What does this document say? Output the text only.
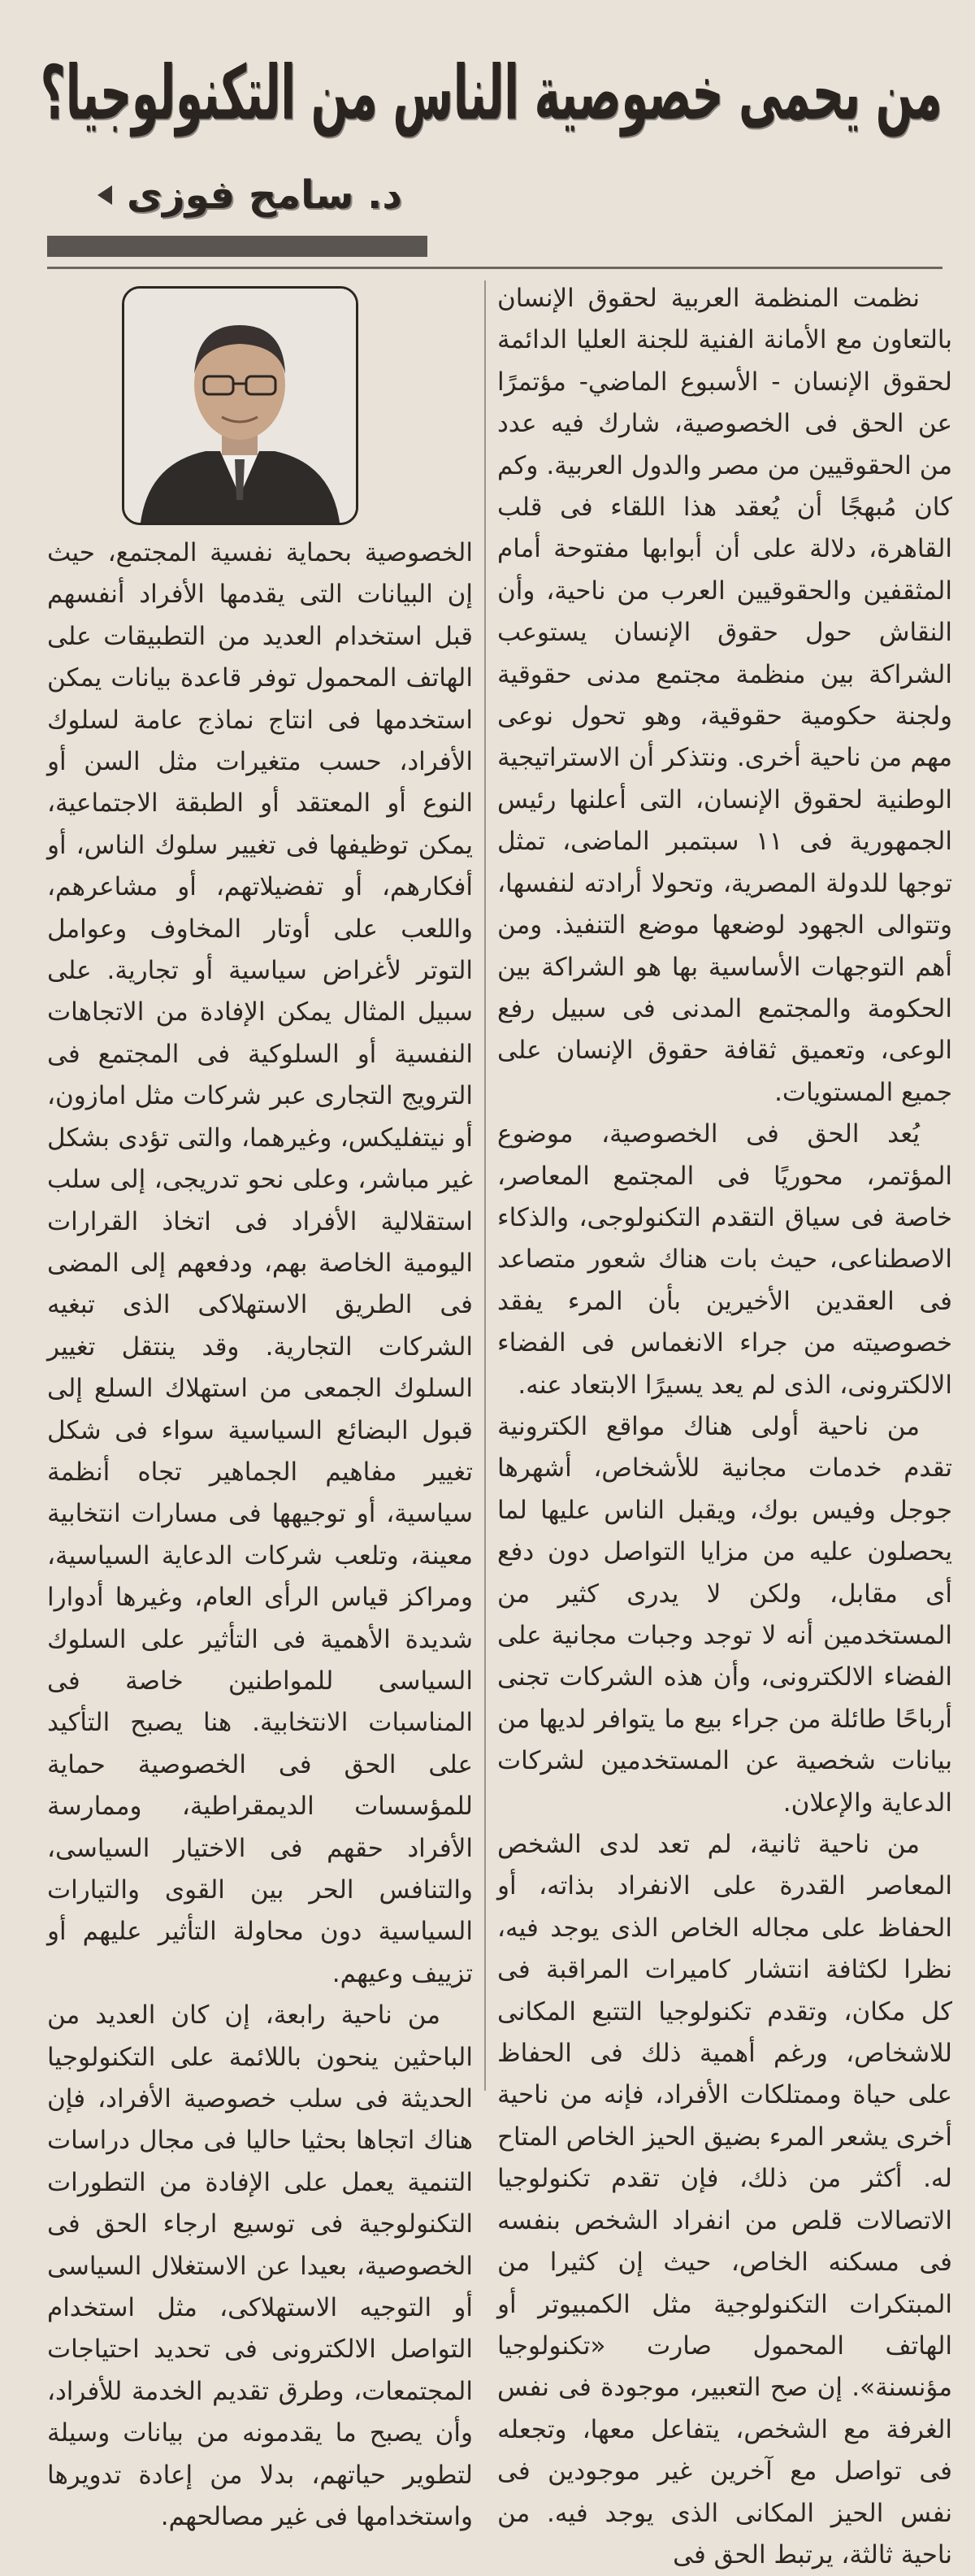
من يحمى خصوصية الناس من التكنولوجيا؟
د. سامح فوزى

نظمت المنظمة العربية لحقوق الإنسان بالتعاون مع الأمانة الفنية للجنة العليا الدائمة لحقوق الإنسان - الأسبوع الماضي- مؤتمرًا عن الحق فى الخصوصية، شارك فيه عدد من الحقوقيين من مصر والدول العربية. وكم كان مُبهجًا أن يُعقد هذا اللقاء فى قلب القاهرة، دلالة على أن أبوابها مفتوحة أمام المثقفين والحقوقيين العرب من ناحية، وأن النقاش حول حقوق الإنسان يستوعب الشراكة بين منظمة مجتمع مدنى حقوقية ولجنة حكومية حقوقية، وهو تحول نوعى مهم من ناحية أخرى. ونتذكر أن الاستراتيجية الوطنية لحقوق الإنسان، التى أعلنها رئيس الجمهورية فى ١١ سبتمبر الماضى، تمثل توجها للدولة المصرية، وتحولا أرادته لنفسها، وتتوالى الجهود لوضعها موضع التنفيذ. ومن أهم التوجهات الأساسية بها هو الشراكة بين الحكومة والمجتمع المدنى فى سبيل رفع الوعى، وتعميق ثقافة حقوق الإنسان على جميع المستويات.

يُعد الحق فى الخصوصية، موضوع المؤتمر، محوريًا فى المجتمع المعاصر، خاصة فى سياق التقدم التكنولوجى، والذكاء الاصطناعى، حيث بات هناك شعور متصاعد فى العقدين الأخيرين بأن المرء يفقد خصوصيته من جراء الانغماس فى الفضاء الالكترونى، الذى لم يعد يسيرًا الابتعاد عنه.

من ناحية أولى هناك مواقع الكترونية تقدم خدمات مجانية للأشخاص، أشهرها جوجل وفيس بوك، ويقبل الناس عليها لما يحصلون عليه من مزايا التواصل دون دفع أى مقابل، ولكن لا يدرى كثير من المستخدمين أنه لا توجد وجبات مجانية على الفضاء الالكترونى، وأن هذه الشركات تجنى أرباحًا طائلة من جراء بيع ما يتوافر لديها من بيانات شخصية عن المستخدمين لشركات الدعاية والإعلان.

من ناحية ثانية، لم تعد لدى الشخص المعاصر القدرة على الانفراد بذاته، أو الحفاظ على مجاله الخاص الذى يوجد فيه، نظرا لكثافة انتشار كاميرات المراقبة فى كل مكان، وتقدم تكنولوجيا التتبع المكانى للاشخاص، ورغم أهمية ذلك فى الحفاظ على حياة وممتلكات الأفراد، فإنه من ناحية أخرى يشعر المرء بضيق الحيز الخاص المتاح له. أكثر من ذلك، فإن تقدم تكنولوجيا الاتصالات قلص من انفراد الشخص بنفسه فى مسكنه الخاص، حيث إن كثيرا من المبتكرات التكنولوجية مثل الكمبيوتر أو الهاتف المحمول صارت «تكنولوجيا مؤنسنة». إن صح التعبير، موجودة فى نفس الغرفة مع الشخص، يتفاعل معها، وتجعله فى تواصل مع آخرين غير موجودين فى نفس الحيز المكانى الذى يوجد فيه. من ناحية ثالثة، يرتبط الحق فى

الخصوصية بحماية نفسية المجتمع، حيث إن البيانات التى يقدمها الأفراد أنفسهم قبل استخدام العديد من التطبيقات على الهاتف المحمول توفر قاعدة بيانات يمكن استخدمها فى انتاج نماذج عامة لسلوك الأفراد، حسب متغيرات مثل السن أو النوع أو المعتقد أو الطبقة الاجتماعية، يمكن توظيفها فى تغيير سلوك الناس، أو أفكارهم، أو تفضيلاتهم، أو مشاعرهم، واللعب على أوتار المخاوف وعوامل التوتر لأغراض سياسية أو تجارية. على سبيل المثال يمكن الإفادة من الاتجاهات النفسية أو السلوكية فى المجتمع فى الترويج التجارى عبر شركات مثل امازون، أو نيتفليكس، وغيرهما، والتى تؤدى بشكل غير مباشر، وعلى نحو تدريجى، إلى سلب استقلالية الأفراد فى اتخاذ القرارات اليومية الخاصة بهم، ودفعهم إلى المضى فى الطريق الاستهلاكى الذى تبغيه الشركات التجارية. وقد ينتقل تغيير السلوك الجمعى من استهلاك السلع إلى قبول البضائع السياسية سواء فى شكل تغيير مفاهيم الجماهير تجاه أنظمة سياسية، أو توجيهها فى مسارات انتخابية معينة، وتلعب شركات الدعاية السياسية، ومراكز قياس الرأى العام، وغيرها أدوارا شديدة الأهمية فى التأثير على السلوك السياسى للمواطنين خاصة فى المناسبات الانتخابية. هنا يصبح التأكيد على الحق فى الخصوصية حماية للمؤسسات الديمقراطية، وممارسة الأفراد حقهم فى الاختيار السياسى، والتنافس الحر بين القوى والتيارات السياسية دون محاولة التأثير عليهم أو تزييف وعيهم.

من ناحية رابعة، إن كان العديد من الباحثين ينحون باللائمة على التكنولوجيا الحديثة فى سلب خصوصية الأفراد، فإن هناك اتجاها بحثيا حاليا فى مجال دراسات التنمية يعمل على الإفادة من التطورات التكنولوجية فى توسيع ارجاء الحق فى الخصوصية، بعيدا عن الاستغلال السياسى أو التوجيه الاستهلاكى، مثل استخدام التواصل الالكترونى فى تحديد احتياجات المجتمعات، وطرق تقديم الخدمة للأفراد، وأن يصبح ما يقدمونه من بيانات وسيلة لتطوير حياتهم، بدلا من إعادة تدويرها واستخدامها فى غير مصالحهم.
